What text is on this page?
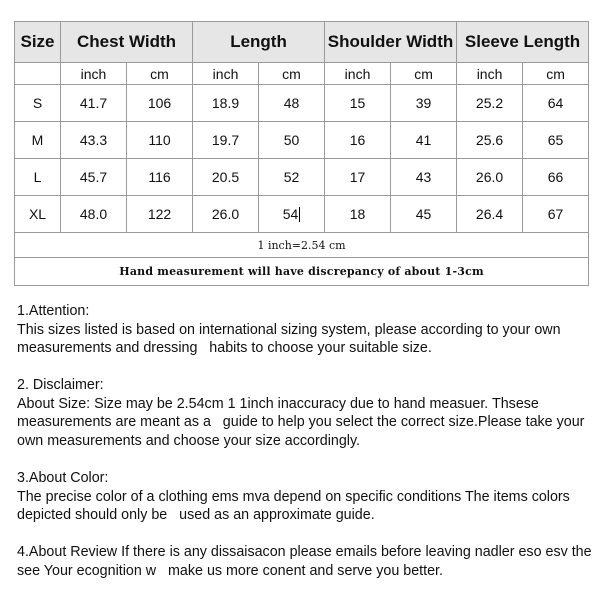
Size	Chest Width		Length		Shoulder Width		Sleeve Length	
	inch	cm	inch	cm	inch	cm	inch	cm
S	41.7	106	18.9	48	15	39	25.2	64
M	43.3	110	19.7	50	16	41	25.6	65
L	45.7	116	20.5	52	17	43	26.0	66
XL	48.0	122	26.0	54	18	45	26.4	67
1 inch=2.54 cm								
Hand measurement will have discrepancy of about 1-3cm								

1.Attention:

This sizes listed is based on international sizing system, please according to your own measurements and dressing   habits to choose your suitable size.

2. Disclaimer:

About Size: Size may be 2.54cm 1 1inch inaccuracy due to hand measuer. Thsese measurements are meant as a   guide to help you select the correct size.Please take your own measurements and choose your size accordingly.

3.About Color:

The precise color of a clothing ems mva depend on specific conditions The items colors depicted should only be   used as an approximate guide.

4.About Review If there is any dissaisacon please emails before leaving nadler eso esv the see Your ecognition w   make us more conent and serve you better.
